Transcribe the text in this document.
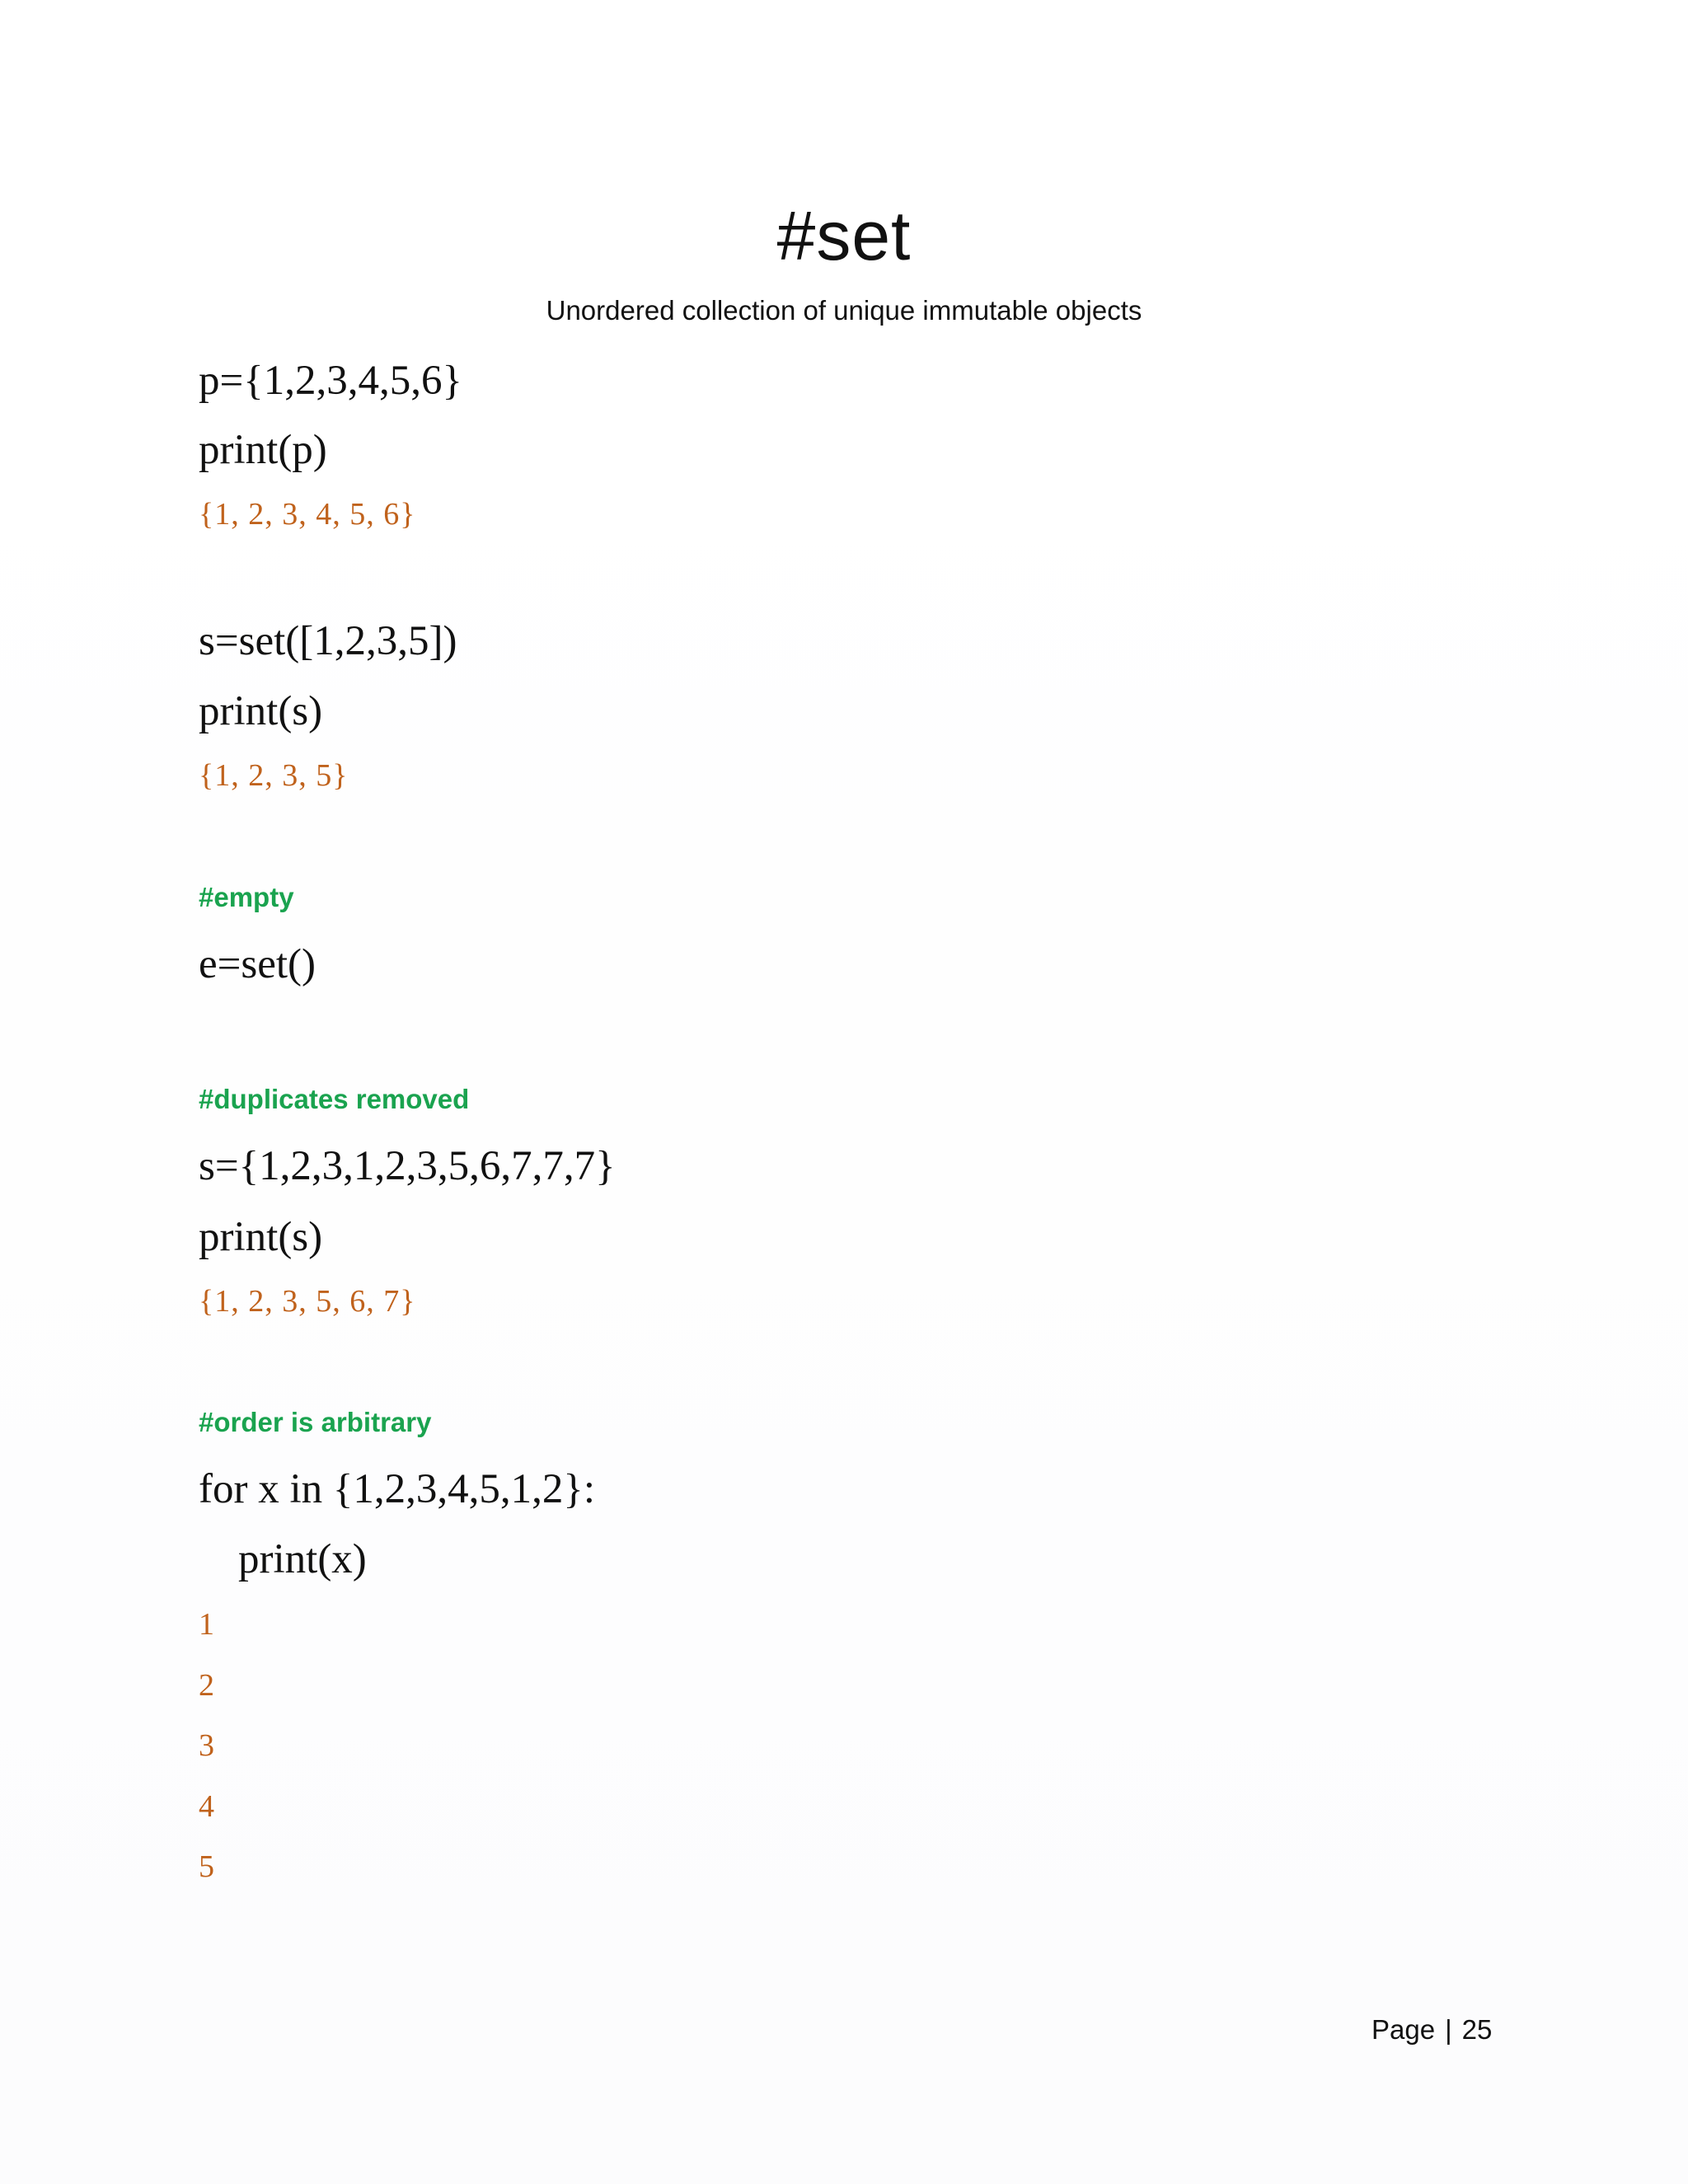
#set
Unordered collection of unique immutable objects
p={1,2,3,4,5,6}
print(p)
{1, 2, 3, 4, 5, 6}
s=set([1,2,3,5])
print(s)
{1, 2, 3, 5}
#empty
e=set()
#duplicates removed
s={1,2,3,1,2,3,5,6,7,7,7}
print(s)
{1, 2, 3, 5, 6, 7}
#order is arbitrary
for x in {1,2,3,4,5,1,2}:
print(x)
1
2
3
4
5
Page | 25
